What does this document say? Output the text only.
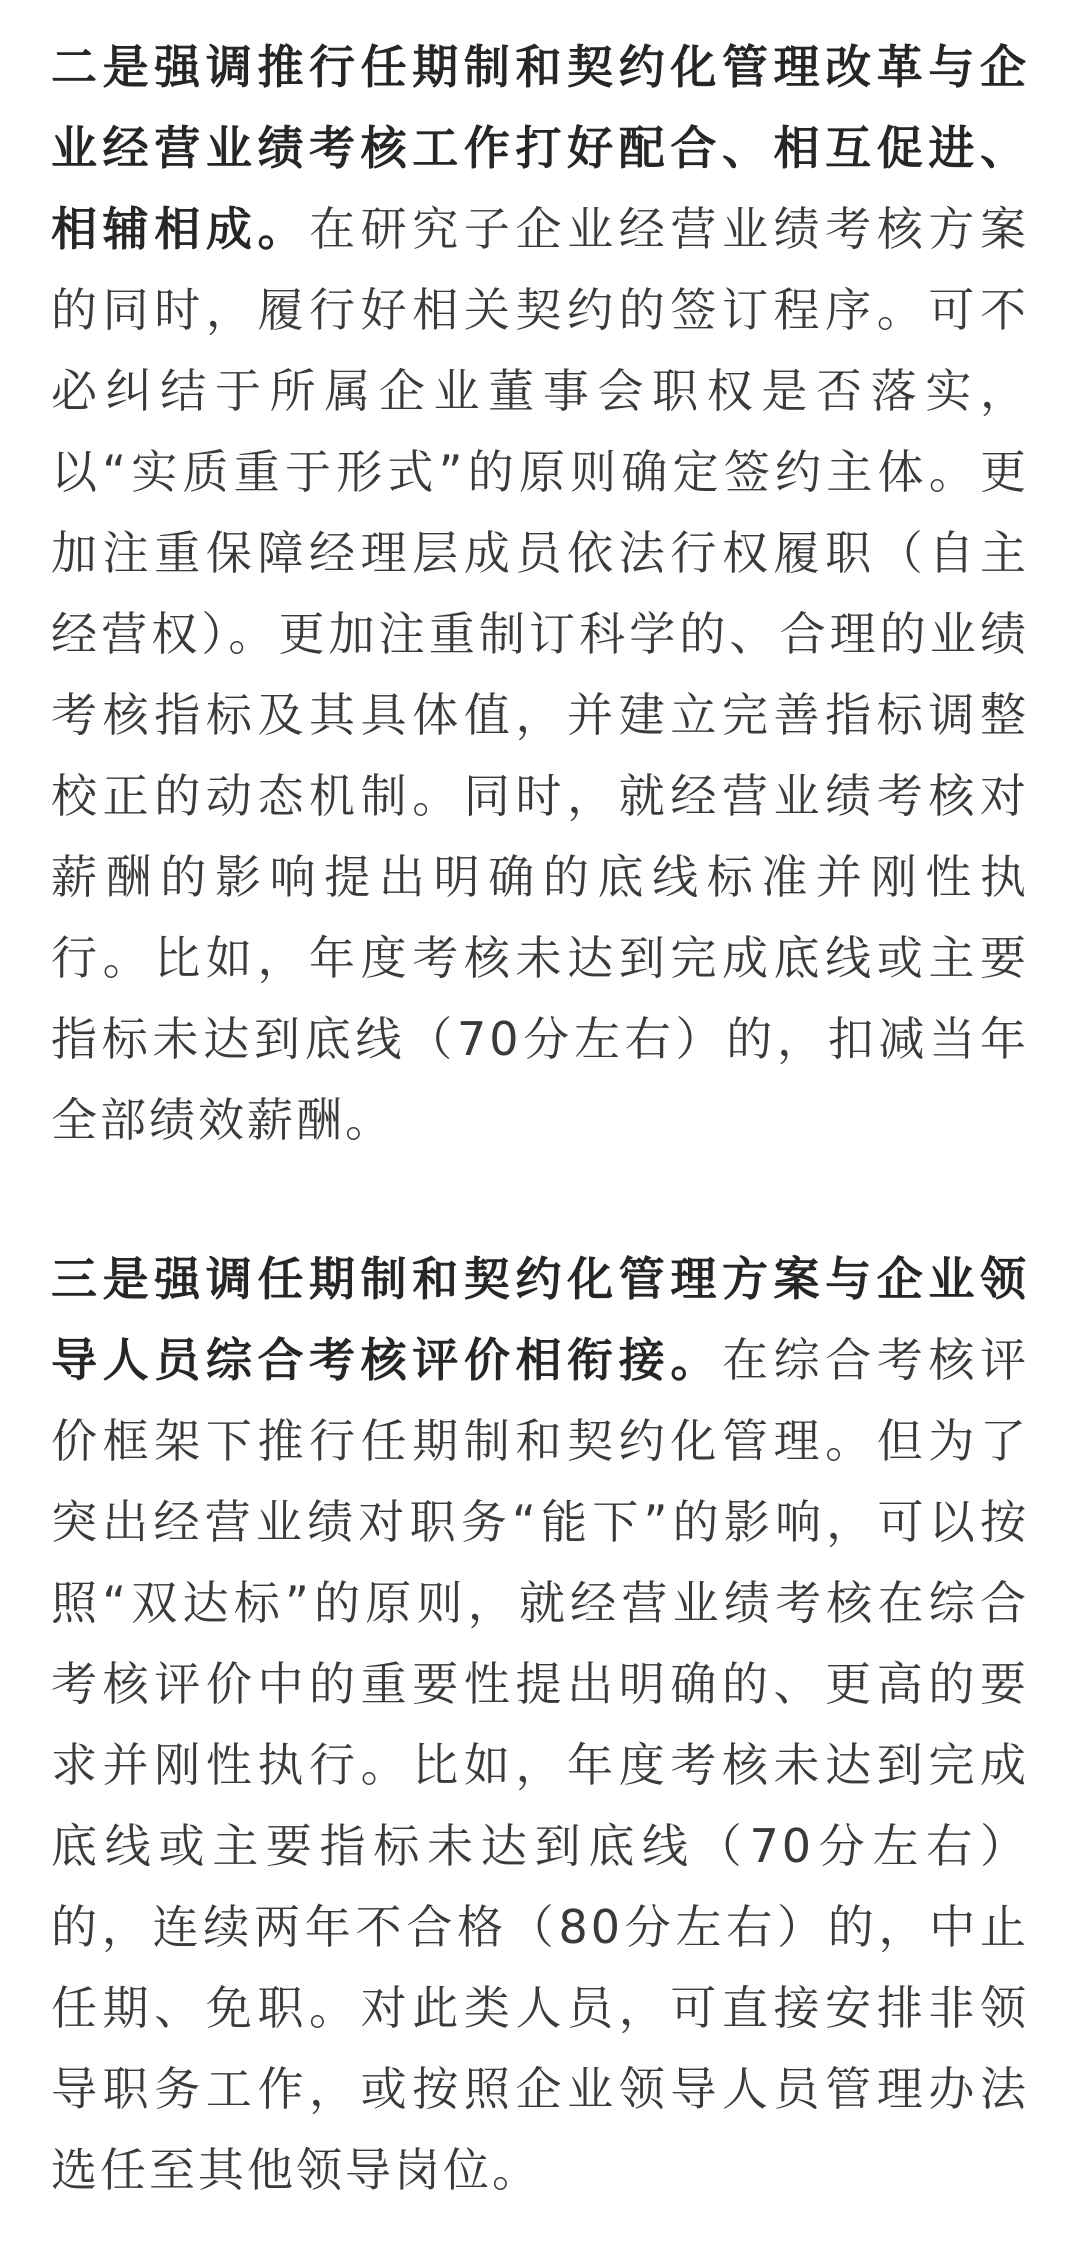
二是强调推行任期制和契约化管理改革与企业经营业绩考核工作打好配合、相互促进、相辅相成。在研究子企业经营业绩考核方案的同时，履行好相关契约的签订程序。可不必纠结于所属企业董事会职权是否落实，以“实质重于形式”的原则确定签约主体。更加注重保障经理层成员依法行权履职（自主经营权）。更加注重制订科学的、合理的业绩考核指标及其具体值，并建立完善指标调整校正的动态机制。同时，就经营业绩考核对薪酬的影响提出明确的底线标准并刚性执行。比如，年度考核未达到完成底线或主要指标未达到底线（70分左右）的，扣减当年全部绩效薪酬。

三是强调任期制和契约化管理方案与企业领导人员综合考核评价相衔接。在综合考核评价框架下推行任期制和契约化管理。但为了突出经营业绩对职务“能下”的影响，可以按照“双达标”的原则，就经营业绩考核在综合考核评价中的重要性提出明确的、更高的要求并刚性执行。比如，年度考核未达到完成底线或主要指标未达到底线（70分左右）的，连续两年不合格（80分左右）的，中止任期、免职。对此类人员，可直接安排非领导职务工作，或按照企业领导人员管理办法选任至其他领导岗位。
